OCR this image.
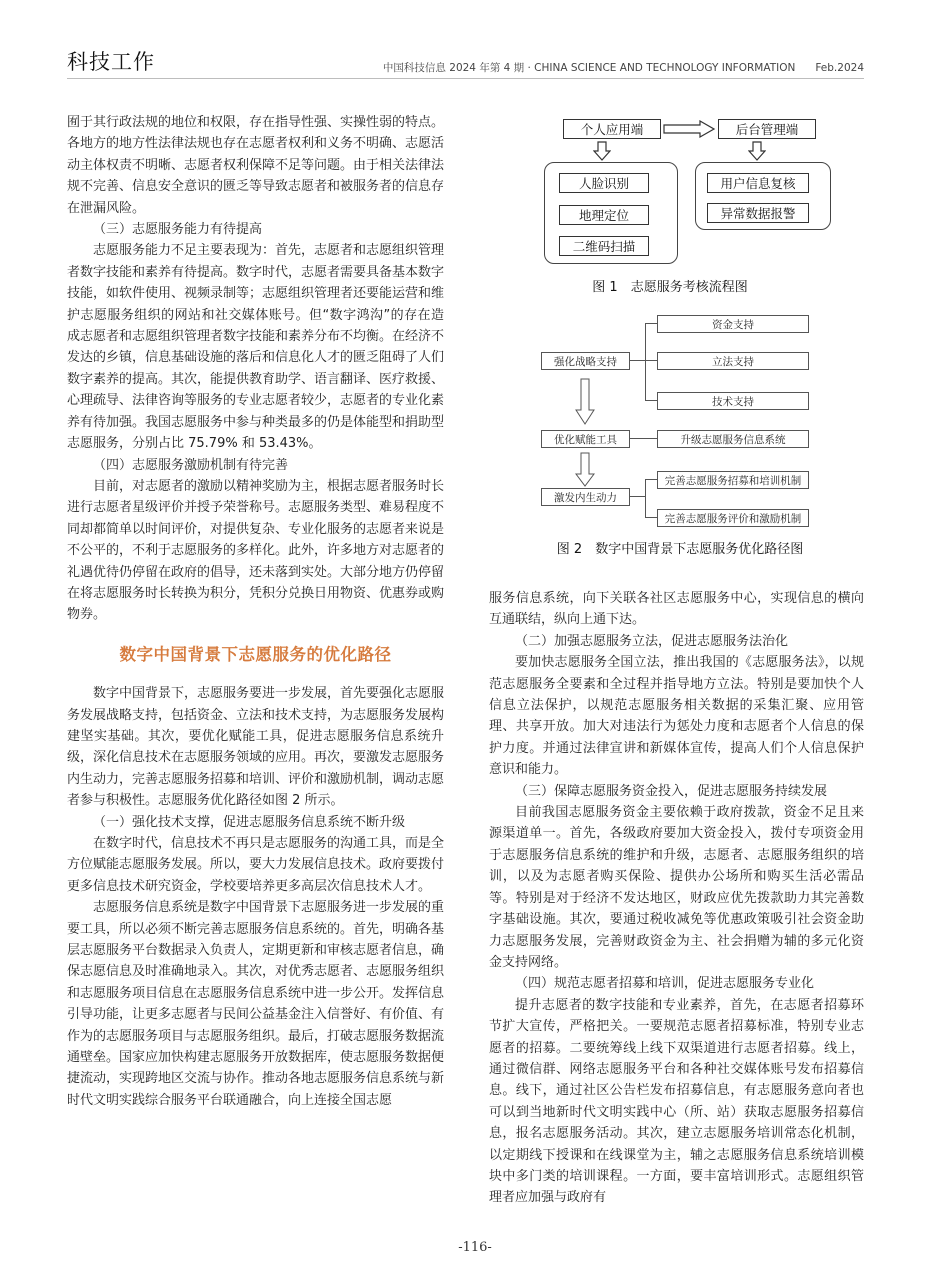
科技工作	中国科技信息 2024 年第 4 期 · CHINA SCIENCE AND TECHNOLOGY INFORMATION Feb.2024

囿于其行政法规的地位和权限，存在指导性强、实操性弱的特点。各地方的地方性法律法规也存在志愿者权利和义务不明确、志愿活动主体权责不明晰、志愿者权利保障不足等问题。由于相关法律法规不完善、信息安全意识的匮乏等导致志愿者和被服务者的信息存在泄漏风险。

（三）志愿服务能力有待提高

志愿服务能力不足主要表现为：首先，志愿者和志愿组织管理者数字技能和素养有待提高。数字时代，志愿者需要具备基本数字技能，如软件使用、视频录制等；志愿组织管理者还要能运营和维护志愿服务组织的网站和社交媒体账号。但“数字鸿沟”的存在造成志愿者和志愿组织管理者数字技能和素养分布不均衡。在经济不发达的乡镇，信息基础设施的落后和信息化人才的匮乏阻碍了人们数字素养的提高。其次，能提供教育助学、语言翻译、医疗救援、心理疏导、法律咨询等服务的专业志愿者较少，志愿者的专业化素养有待加强。我国志愿服务中参与种类最多的仍是体能型和捐助型志愿服务，分别占比 75.79% 和 53.43%。

（四）志愿服务激励机制有待完善

目前，对志愿者的激励以精神奖励为主，根据志愿者服务时长进行志愿者星级评价并授予荣誉称号。志愿服务类型、难易程度不同却都简单以时间评价，对提供复杂、专业化服务的志愿者来说是不公平的，不利于志愿服务的多样化。此外，许多地方对志愿者的礼遇优待仍停留在政府的倡导，还未落到实处。大部分地方仍停留在将志愿服务时长转换为积分，凭积分兑换日用物资、优惠券或购物券。

数字中国背景下志愿服务的优化路径

数字中国背景下，志愿服务要进一步发展，首先要强化志愿服务发展战略支持，包括资金、立法和技术支持，为志愿服务发展构建坚实基础。其次，要优化赋能工具，促进志愿服务信息系统升级，深化信息技术在志愿服务领域的应用。再次，要激发志愿服务内生动力，完善志愿服务招募和培训、评价和激励机制，调动志愿者参与积极性。志愿服务优化路径如图 2 所示。

（一）强化技术支撑，促进志愿服务信息系统不断升级

在数字时代，信息技术不再只是志愿服务的沟通工具，而是全方位赋能志愿服务发展。所以，要大力发展信息技术。政府要拨付更多信息技术研究资金，学校要培养更多高层次信息技术人才。

志愿服务信息系统是数字中国背景下志愿服务进一步发展的重要工具，所以必须不断完善志愿服务信息系统的。首先，明确各基层志愿服务平台数据录入负责人，定期更新和审核志愿者信息，确保志愿信息及时准确地录入。其次，对优秀志愿者、志愿服务组织和志愿服务项目信息在志愿服务信息系统中进一步公开。发挥信息引导功能，让更多志愿者与民间公益基金注入信誉好、有价值、有作为的志愿服务项目与志愿服务组织。最后，打破志愿服务数据流通壁垒。国家应加快构建志愿服务开放数据库，使志愿服务数据便捷流动，实现跨地区交流与协作。推动各地志愿服务信息系统与新时代文明实践综合服务平台联通融合，向上连接全国志愿

个人应用端	后台管理端
人脸识别
地理定位
二维码扫描
用户信息复核
异常数据报警
图 1　志愿服务考核流程图
强化战略支持
资金支持
立法支持
技术支持
优化赋能工具	升级志愿服务信息系统
激发内生动力
完善志愿服务招募和培训机制
完善志愿服务评价和激励机制
图 2　数字中国背景下志愿服务优化路径图

服务信息系统，向下关联各社区志愿服务中心，实现信息的横向互通联结，纵向上通下达。

（二）加强志愿服务立法，促进志愿服务法治化

要加快志愿服务全国立法，推出我国的《志愿服务法》，以规范志愿服务全要素和全过程并指导地方立法。特别是要加快个人信息立法保护，以规范志愿服务相关数据的采集汇聚、应用管理、共享开放。加大对违法行为惩处力度和志愿者个人信息的保护力度。并通过法律宣讲和新媒体宣传，提高人们个人信息保护意识和能力。

（三）保障志愿服务资金投入，促进志愿服务持续发展

目前我国志愿服务资金主要依赖于政府拨款，资金不足且来源渠道单一。首先，各级政府要加大资金投入，拨付专项资金用于志愿服务信息系统的维护和升级，志愿者、志愿服务组织的培训，以及为志愿者购买保险、提供办公场所和购买生活必需品等。特别是对于经济不发达地区，财政应优先拨款助力其完善数字基础设施。其次，要通过税收减免等优惠政策吸引社会资金助力志愿服务发展，完善财政资金为主、社会捐赠为辅的多元化资金支持网络。

（四）规范志愿者招募和培训，促进志愿服务专业化

提升志愿者的数字技能和专业素养，首先，在志愿者招募环节扩大宣传，严格把关。一要规范志愿者招募标准，特别专业志愿者的招募。二要统筹线上线下双渠道进行志愿者招募。线上，通过微信群、网络志愿服务平台和各种社交媒体账号发布招募信息。线下，通过社区公告栏发布招募信息，有志愿服务意向者也可以到当地新时代文明实践中心（所、站）获取志愿服务招募信息，报名志愿服务活动。其次，建立志愿服务培训常态化机制，以定期线下授课和在线课堂为主，辅之志愿服务信息系统培训模块中多门类的培训课程。一方面，要丰富培训形式。志愿组织管理者应加强与政府有

-116-
